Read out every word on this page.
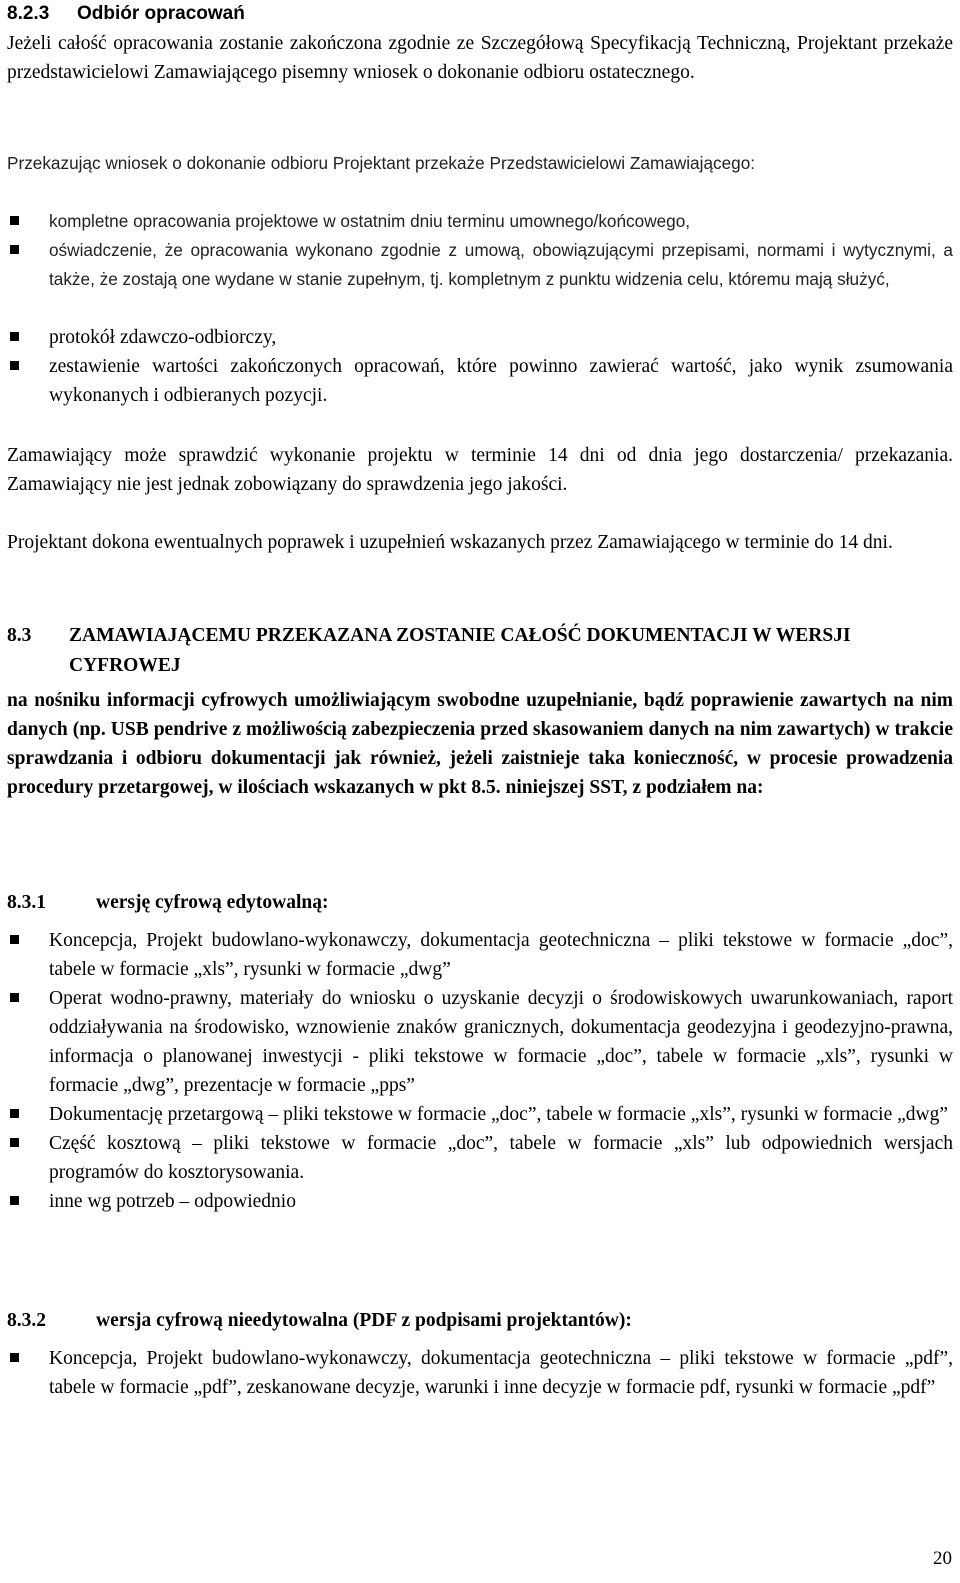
8.2.3 Odbiór opracowań

Jeżeli całość opracowania zostanie zakończona zgodnie ze Szczegółową Specyfikacją Techniczną, Projektant przekaże przedstawicielowi Zamawiającego pisemny wniosek o dokonanie odbioru ostatecznego.

Przekazując wniosek o dokonanie odbioru Projektant przekaże Przedstawicielowi Zamawiającego:

kompletne opracowania projektowe w ostatnim dniu terminu umownego/końcowego,
oświadczenie, że opracowania wykonano zgodnie z umową, obowiązującymi przepisami, normami i wytycznymi, a także, że zostają one wydane w stanie zupełnym, tj. kompletnym z punktu widzenia celu, któremu mają służyć,
protokół zdawczo-odbiorczy,
zestawienie wartości zakończonych opracowań, które powinno zawierać wartość, jako wynik zsumowania wykonanych i odbieranych pozycji.

Zamawiający może sprawdzić wykonanie projektu w terminie 14 dni od dnia jego dostarczenia/ przekazania. Zamawiający nie jest jednak zobowiązany do sprawdzenia jego jakości.

Projektant dokona ewentualnych poprawek i uzupełnień wskazanych przez Zamawiającego w terminie do 14 dni.

8.3 ZAMAWIAJĄCEMU PRZEKAZANA ZOSTANIE CAŁOŚĆ DOKUMENTACJI W WERSJI CYFROWEJ

na nośniku informacji cyfrowych umożliwiającym swobodne uzupełnianie, bądź poprawienie zawartych na nim danych (np. USB pendrive z możliwością zabezpieczenia przed skasowaniem danych na nim zawartych) w trakcie sprawdzania i odbioru dokumentacji jak również, jeżeli zaistnieje taka konieczność, w procesie prowadzenia procedury przetargowej, w ilościach wskazanych w pkt 8.5. niniejszej SST, z podziałem na:

8.3.1	wersję cyfrową edytowalną:
Koncepcja, Projekt budowlano-wykonawczy, dokumentacja geotechniczna – pliki tekstowe w formacie „doc”, tabele w formacie „xls”, rysunki w formacie „dwg”
Operat wodno-prawny, materiały do wniosku o uzyskanie decyzji o środowiskowych uwarunkowaniach, raport oddziaływania na środowisko, wznowienie znaków granicznych, dokumentacja geodezyjna i geodezyjno-prawna, informacja o planowanej inwestycji - pliki tekstowe w formacie „doc”, tabele w formacie „xls”, rysunki w formacie „dwg”, prezentacje w formacie „pps”
Dokumentację przetargową – pliki tekstowe w formacie „doc”, tabele w formacie „xls”, rysunki w formacie „dwg”
Część kosztową – pliki tekstowe w formacie „doc”, tabele w formacie „xls” lub odpowiednich wersjach programów do kosztorysowania.
inne wg potrzeb – odpowiednio
8.3.2	wersja cyfrową nieedytowalna (PDF z podpisami projektantów):
Koncepcja, Projekt budowlano-wykonawczy, dokumentacja geotechniczna – pliki tekstowe w formacie „pdf”, tabele w formacie „pdf”, zeskanowane decyzje, warunki i inne decyzje w formacie pdf, rysunki w formacie „pdf”
20
